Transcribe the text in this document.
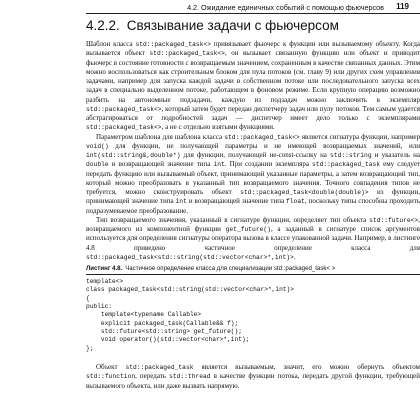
4.2. Ожидание единичных событий с помощью фьючерсов 119
4.2.2. Связывание задачи с фьючерсом

Шаблон класса std::packaged_task<> привязывает фьючерс к функции или вызываемому объекту. Когда вызывается объект std::packaged_task<>, он вызывает связанную функцию или объект и приводит фьючерс в состояние готовности с возвращаемым значением, сохраненным в качестве связанных данных. Этим можно воспользоваться как строительным блоком для пула потоков (см. главу 9) или других схем управления задачами, например для запуска каждой задачи в собственном потоке или последовательного запуска всех задач в специально выделенном потоке, работающем в фоновом режиме. Если крупную операцию возможно разбить на автономные подзадачи, каждую из подзадач можно заключить в экземпляр std::packaged_task<>, который затем будет передан диспетчеру задач или пулу потоков. Тем самым удается абстрагироваться от подробностей задач — диспетчер имеет дело только с экземплярами std::packaged_task<>, а не с отдельно взятыми функциями.

Параметром шаблона для шаблона класса std::packaged_task<> является сигнатура функции, например void() для функции, не получающей параметры и не имеющей возвращаемых значений, или int(std::string&,double*) для функции, получающей не-const-ссылку на std::string и указатель на double и возвращающей значение типа int. При создании экземпляра std::packaged_task ему следует передать функцию или вызываемый объект, принимающий указанные параметры, а затем возвращающий тип, который можно преобразовать в указанный тип возвращаемого значения. Точного совпадения типов не требуется, можно сконструировать объект std::packaged_task<double(double)> из функции, принимающей значение типа int и возвращающей значение типа float, поскольку типы способны проходить подразумеваемое преобразование.

Тип возвращаемого значения, указанный в сигнатуре функции, определяет тип объекта std::future<>, возвращаемого из компонентной функции get_future(), а заданный в сигнатуре список аргументов используется для определения сигнатуры оператора вызова в классе упакованной задачи. Например, в листинге 4.8 приведено частичное определение класса для std::packaged_task<std::string(std::vector<char>*,int)>.

Листинг 4.8. Частичное определение класса для специализации std::packaged_task< >
template<>
class packaged_task<std::string(std::vector<char>*,int)>
{
public:
template<typename Callable>
explicit packaged_task(Callable&& f);
std::future<std::string> get_future();
void operator()(std::vector<char>*,int);
};

Объект std::packaged_task является вызываемым, значит, его можно обернуть объектом std::function, передать std::thread в качестве функции потока, передать другой функции, требующей вызываемого объекта, или даже вызвать напрямую.
